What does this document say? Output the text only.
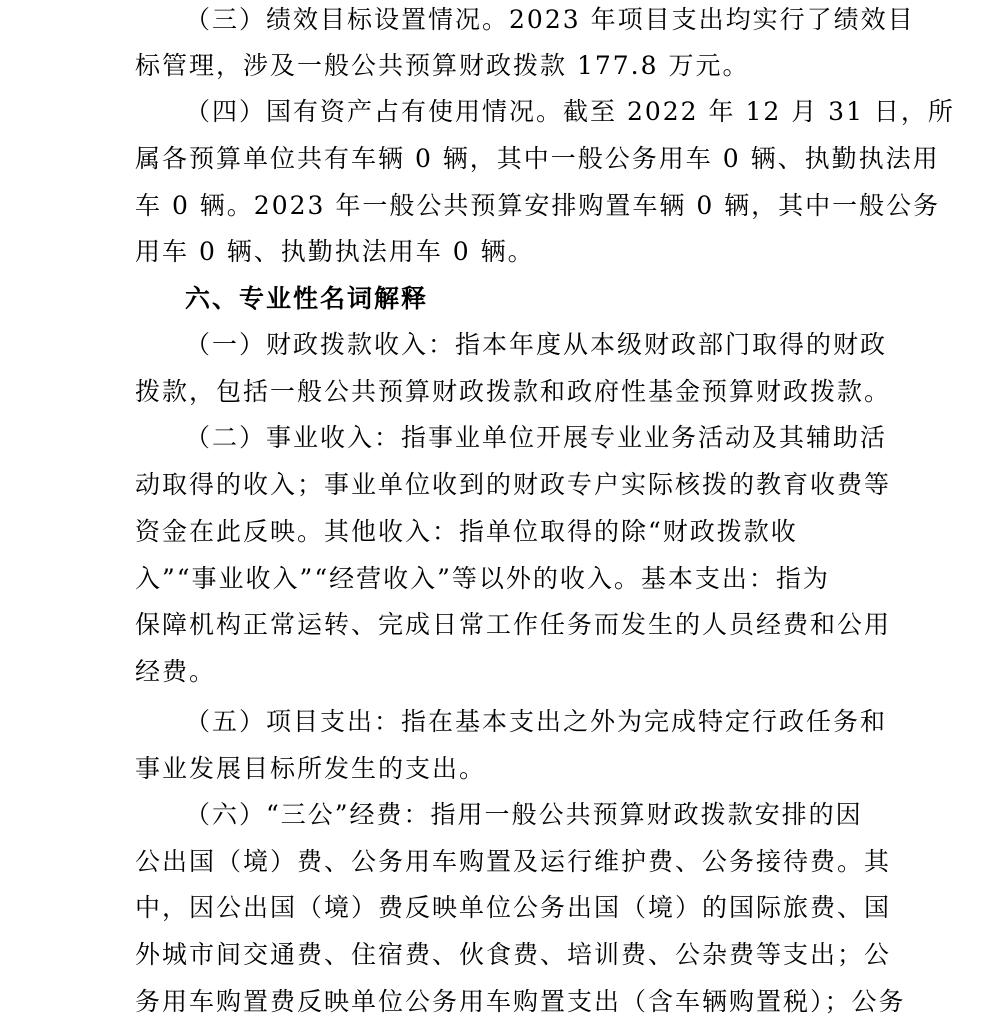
（三）绩效目标设置情况。2023 年项目支出均实行了绩效目
标管理，涉及一般公共预算财政拨款 177.8 万元。
（四）国有资产占有使用情况。截至 2022 年 12 月 31 日，所
属各预算单位共有车辆 0 辆，其中一般公务用车 0 辆、执勤执法用
车 0 辆。2023 年一般公共预算安排购置车辆 0 辆，其中一般公务
用车 0 辆、执勤执法用车 0 辆。
六、专业性名词解释
（一）财政拨款收入：指本年度从本级财政部门取得的财政
拨款，包括一般公共预算财政拨款和政府性基金预算财政拨款。
（二）事业收入：指事业单位开展专业业务活动及其辅助活
动取得的收入；事业单位收到的财政专户实际核拨的教育收费等
资金在此反映。其他收入：指单位取得的除“财政拨款收
入”“事业收入”“经营收入”等以外的收入。基本支出：指为
保障机构正常运转、完成日常工作任务而发生的人员经费和公用
经费。
（五）项目支出：指在基本支出之外为完成特定行政任务和
事业发展目标所发生的支出。
（六）“三公”经费：指用一般公共预算财政拨款安排的因
公出国（境）费、公务用车购置及运行维护费、公务接待费。其
中，因公出国（境）费反映单位公务出国（境）的国际旅费、国
外城市间交通费、住宿费、伙食费、培训费、公杂费等支出；公
务用车购置费反映单位公务用车购置支出（含车辆购置税）；公务
